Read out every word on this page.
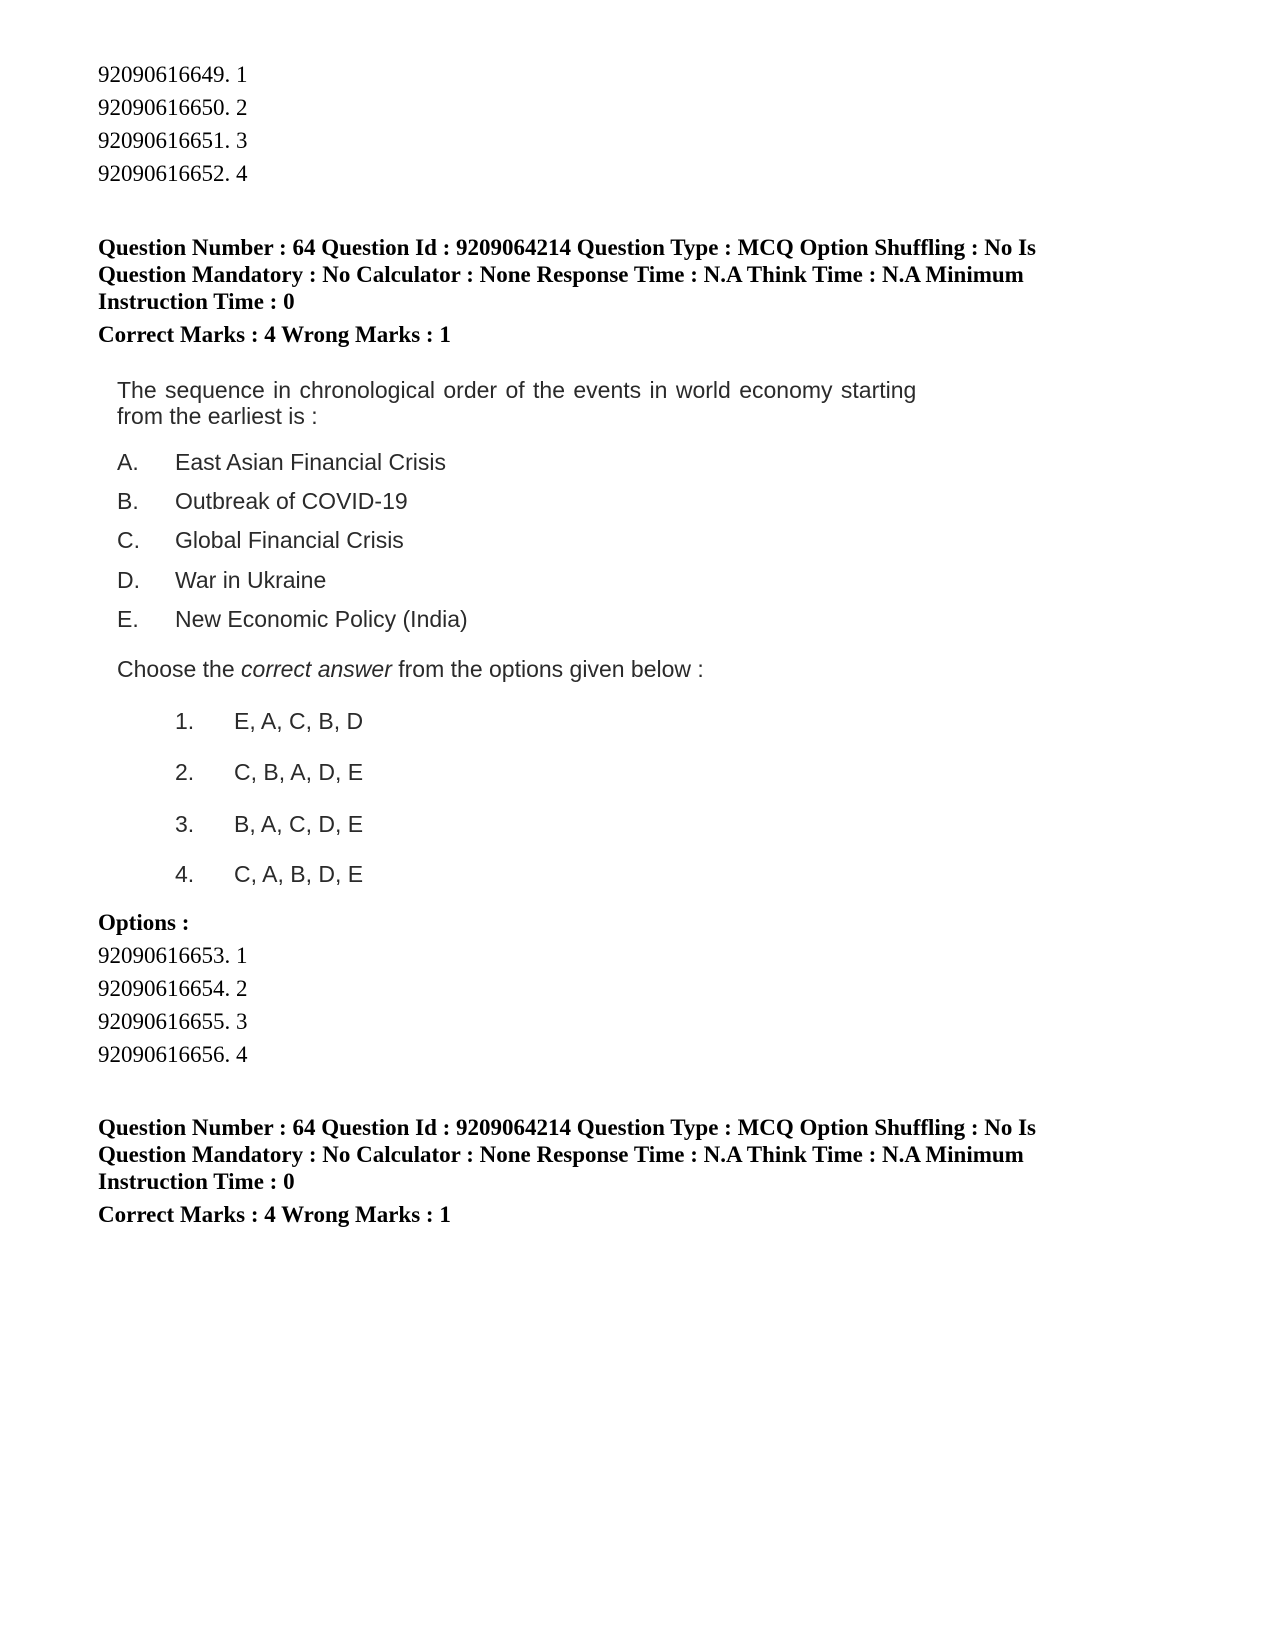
92090616649. 1
92090616650. 2
92090616651. 3
92090616652. 4
Question Number : 64 Question Id : 9209064214 Question Type : MCQ Option Shuffling : No Is
Question Mandatory : No Calculator : None Response Time : N.A Think Time : N.A Minimum
Instruction Time : 0
Correct Marks : 4 Wrong Marks : 1
The sequence in chronological order of the events in world economy starting
from the earliest is :
A. East Asian Financial Crisis
B. Outbreak of COVID-19
C. Global Financial Crisis
D. War in Ukraine
E. New Economic Policy (India)
Choose the correct answer from the options given below :
1. E, A, C, B, D
2. C, B, A, D, E
3. B, A, C, D, E
4. C, A, B, D, E
Options :
92090616653. 1
92090616654. 2
92090616655. 3
92090616656. 4
Question Number : 64 Question Id : 9209064214 Question Type : MCQ Option Shuffling : No Is
Question Mandatory : No Calculator : None Response Time : N.A Think Time : N.A Minimum
Instruction Time : 0
Correct Marks : 4 Wrong Marks : 1
